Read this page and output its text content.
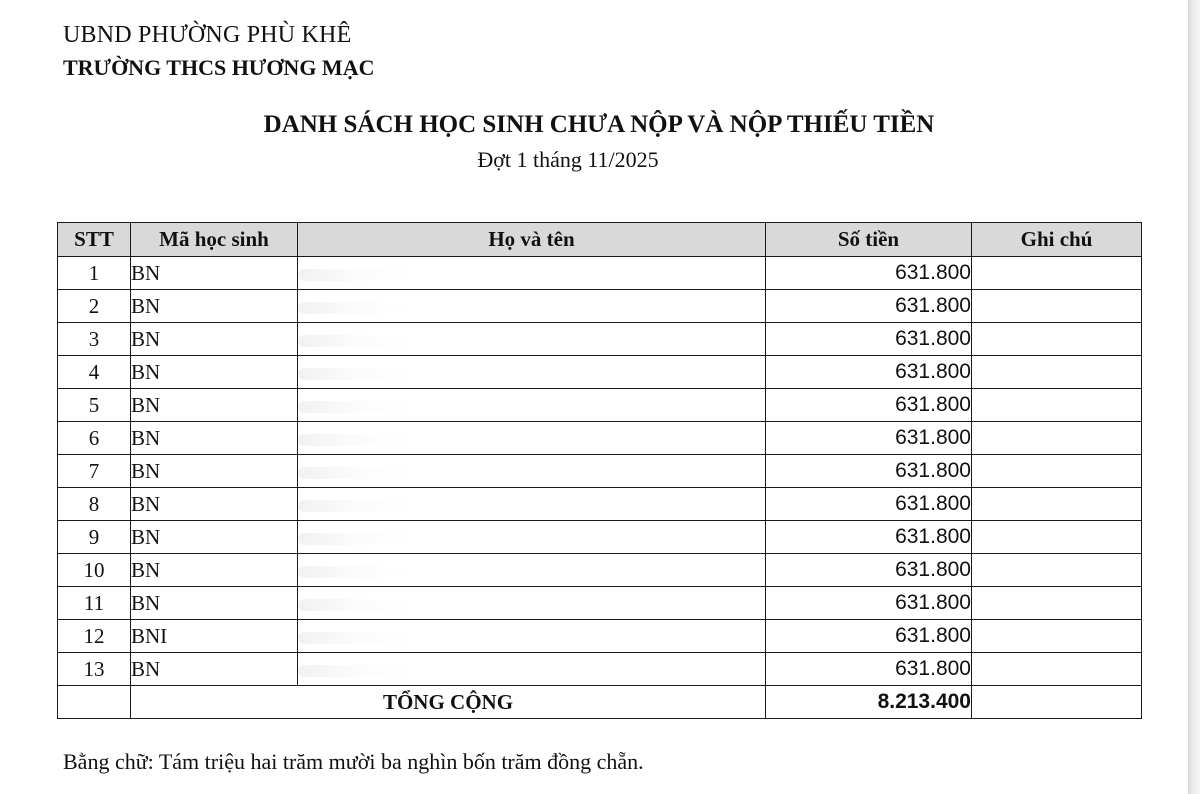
UBND PHƯỜNG PHÙ KHÊ
TRƯỜNG THCS HƯƠNG MẠC
DANH SÁCH HỌC SINH CHƯA NỘP VÀ NỘP THIẾU TIỀN
Đợt 1 tháng 11/2025
STT	Mã học sinh	Họ và tên	Số tiền	Ghi chú
1	BN		631.800	
2	BN		631.800	
3	BN		631.800	
4	BN		631.800	
5	BN		631.800	
6	BN		631.800	
7	BN		631.800	
8	BN		631.800	
9	BN		631.800	
10	BN		631.800	
11	BN		631.800	
12	BNI		631.800	
13	BN		631.800	
	TỔNG CỘNG		8.213.400	
Bằng chữ: Tám triệu hai trăm mười ba nghìn bốn trăm đồng chẵn.
